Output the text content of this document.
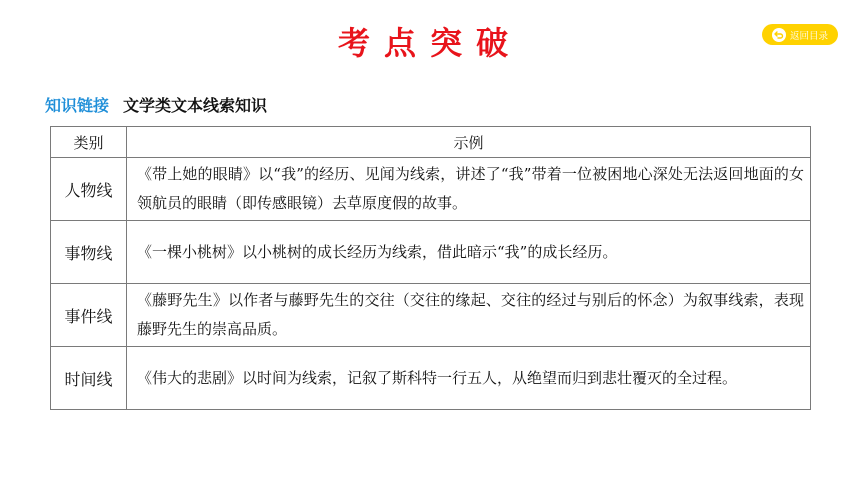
考点突破	返回目录
知识链接 文学类文本线索知识
类别	示例
人物线	《带上她的眼睛》以“我”的经历、见闻为线索，讲述了“我”带着一位被困地心深处无法返回地面的女领航员的眼睛（即传感眼镜）去草原度假的故事。
事物线	《一棵小桃树》以小桃树的成长经历为线索，借此暗示“我”的成长经历。
事件线	《藤野先生》以作者与藤野先生的交往（交往的缘起、交往的经过与别后的怀念）为叙事线索，表现藤野先生的崇高品质。
时间线	《伟大的悲剧》以时间为线索，记叙了斯科特一行五人，从绝望而归到悲壮覆灭的全过程。
